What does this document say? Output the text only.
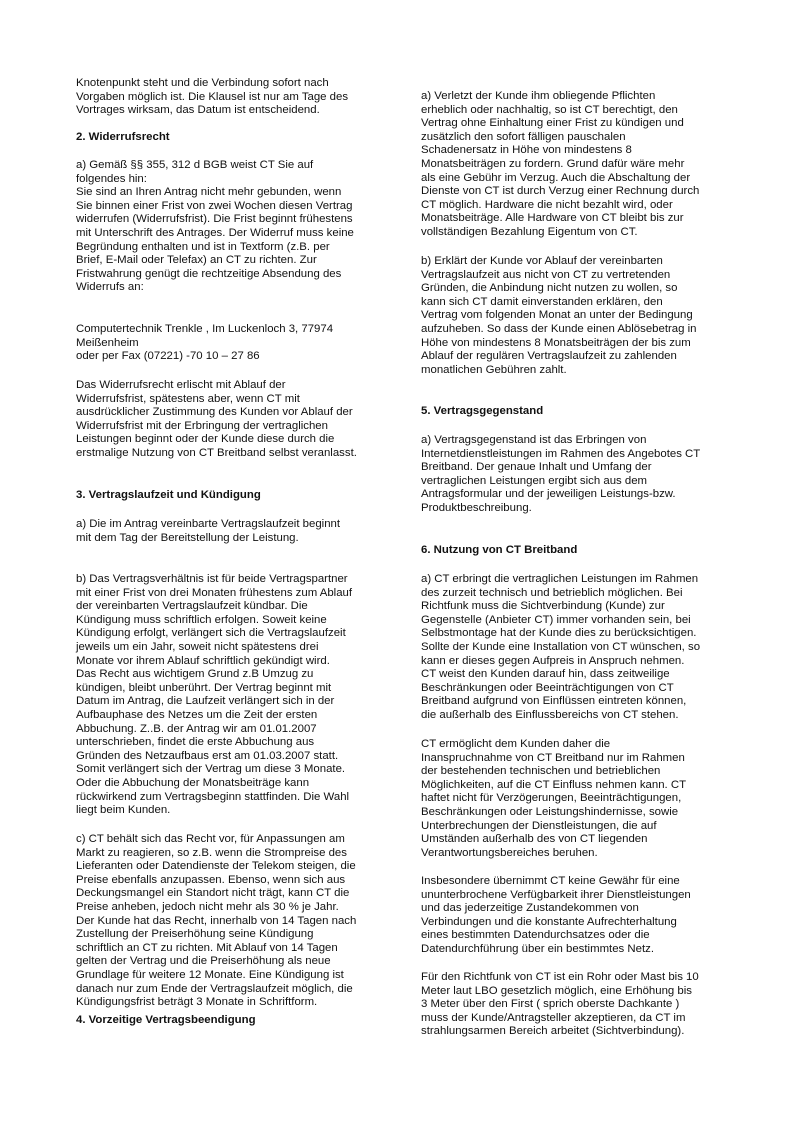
Knotenpunkt steht und die Verbindung sofort nach
Vorgaben möglich ist. Die Klausel ist nur am Tage des
Vortrages wirksam, das Datum ist entscheidend.

2. Widerrufsrecht

a) Gemäß §§ 355, 312 d BGB weist CT Sie auf
folgendes hin:
Sie sind an Ihren Antrag nicht mehr gebunden, wenn
Sie binnen einer Frist von zwei Wochen diesen Vertrag
widerrufen (Widerrufsfrist). Die Frist beginnt frühestens
mit Unterschrift des Antrages. Der Widerruf muss keine
Begründung enthalten und ist in Textform (z.B. per
Brief, E-Mail oder Telefax) an CT zu richten. Zur
Fristwahrung genügt die rechtzeitige Absendung des
Widerrufs an:

Computertechnik Trenkle , Im Luckenloch 3, 77974
Meißenheim
oder per Fax (07221) -70 10 – 27 86

Das Widerrufsrecht erlischt mit Ablauf der
Widerrufsfrist, spätestens aber, wenn CT mit
ausdrücklicher Zustimmung des Kunden vor Ablauf der
Widerrufsfrist mit der Erbringung der vertraglichen
Leistungen beginnt oder der Kunde diese durch die
erstmalige Nutzung von CT Breitband selbst veranlasst.

3. Vertragslaufzeit und Kündigung

a) Die im Antrag vereinbarte Vertragslaufzeit beginnt
mit dem Tag der Bereitstellung der Leistung.

b) Das Vertragsverhältnis ist für beide Vertragspartner
mit einer Frist von drei Monaten frühestens zum Ablauf
der vereinbarten Vertragslaufzeit kündbar. Die
Kündigung muss schriftlich erfolgen. Soweit keine
Kündigung erfolgt, verlängert sich die Vertragslaufzeit
jeweils um ein Jahr, soweit nicht spätestens drei
Monate vor ihrem Ablauf schriftlich gekündigt wird.
Das Recht aus wichtigem Grund z.B Umzug zu
kündigen, bleibt unberührt. Der Vertrag beginnt mit
Datum im Antrag, die Laufzeit verlängert sich in der
Aufbauphase des Netzes um die Zeit der ersten
Abbuchung. Z..B. der Antrag wir am 01.01.2007
unterschrieben, findet die erste Abbuchung aus
Gründen des Netzaufbaus erst am 01.03.2007 statt.
Somit verlängert sich der Vertrag um diese 3 Monate.
Oder die Abbuchung der Monatsbeiträge kann
rückwirkend zum Vertragsbeginn stattfinden. Die Wahl
liegt beim Kunden.

c) CT behält sich das Recht vor, für Anpassungen am
Markt zu reagieren, so z.B. wenn die Strompreise des
Lieferanten oder Datendienste der Telekom steigen, die
Preise ebenfalls anzupassen. Ebenso, wenn sich aus
Deckungsmangel ein Standort nicht trägt, kann CT die
Preise anheben, jedoch nicht mehr als 30 % je Jahr.
Der Kunde hat das Recht, innerhalb von 14 Tagen nach
Zustellung der Preiserhöhung seine Kündigung
schriftlich an CT zu richten. Mit Ablauf von 14 Tagen
gelten der Vertrag und die Preiserhöhung als neue
Grundlage für weitere 12 Monate. Eine Kündigung ist
danach nur zum Ende der Vertragslaufzeit möglich, die
Kündigungsfrist beträgt 3 Monate in Schriftform.

4. Vorzeitige Vertragsbeendigung

a) Verletzt der Kunde ihm obliegende Pflichten
erheblich oder nachhaltig, so ist CT berechtigt, den
Vertrag ohne Einhaltung einer Frist zu kündigen und
zusätzlich den sofort fälligen pauschalen
Schadenersatz in Höhe von mindestens 8
Monatsbeiträgen zu fordern. Grund dafür wäre mehr
als eine Gebühr im Verzug. Auch die Abschaltung der
Dienste von CT ist durch Verzug einer Rechnung durch
CT möglich. Hardware die nicht bezahlt wird, oder
Monatsbeiträge. Alle Hardware von CT bleibt bis zur
vollständigen Bezahlung Eigentum von CT.

b) Erklärt der Kunde vor Ablauf der vereinbarten
Vertragslaufzeit aus nicht von CT zu vertretenden
Gründen, die Anbindung nicht nutzen zu wollen, so
kann sich CT damit einverstanden erklären, den
Vertrag vom folgenden Monat an unter der Bedingung
aufzuheben. So dass der Kunde einen Ablösebetrag in
Höhe von mindestens 8 Monatsbeiträgen der bis zum
Ablauf der regulären Vertragslaufzeit zu zahlenden
monatlichen Gebühren zahlt.

5. Vertragsgegenstand

a) Vertragsgegenstand ist das Erbringen von
Internetdienstleistungen im Rahmen des Angebotes CT
Breitband. Der genaue Inhalt und Umfang der
vertraglichen Leistungen ergibt sich aus dem
Antragsformular und der jeweiligen Leistungs-bzw.
Produktbeschreibung.

6. Nutzung von CT Breitband

a) CT erbringt die vertraglichen Leistungen im Rahmen
des zurzeit technisch und betrieblich möglichen. Bei
Richtfunk muss die Sichtverbindung (Kunde) zur
Gegenstelle (Anbieter CT) immer vorhanden sein, bei
Selbstmontage hat der Kunde dies zu berücksichtigen.
Sollte der Kunde eine Installation von CT wünschen, so
kann er dieses gegen Aufpreis in Anspruch nehmen.
CT weist den Kunden darauf hin, dass zeitweilige
Beschränkungen oder Beeinträchtigungen von CT
Breitband aufgrund von Einflüssen eintreten können,
die außerhalb des Einflussbereichs von CT stehen.

CT ermöglicht dem Kunden daher die
Inanspruchnahme von CT Breitband nur im Rahmen
der bestehenden technischen und betrieblichen
Möglichkeiten, auf die CT Einfluss nehmen kann. CT
haftet nicht für Verzögerungen, Beeinträchtigungen,
Beschränkungen oder Leistungshindernisse, sowie
Unterbrechungen der Dienstleistungen, die auf
Umständen außerhalb des von CT liegenden
Verantwortungsbereiches beruhen.

Insbesondere übernimmt CT keine Gewähr für eine
ununterbrochene Verfügbarkeit ihrer Dienstleistungen
und das jederzeitige Zustandekommen von
Verbindungen und die konstante Aufrechterhaltung
eines bestimmten Datendurchsatzes oder die
Datendurchführung über ein bestimmtes Netz.

Für den Richtfunk von CT ist ein Rohr oder Mast bis 10
Meter laut LBO gesetzlich möglich, eine Erhöhung bis
3 Meter über den First ( sprich oberste Dachkante )
muss der Kunde/Antragsteller akzeptieren, da CT im
strahlungsarmen Bereich arbeitet (Sichtverbindung).
